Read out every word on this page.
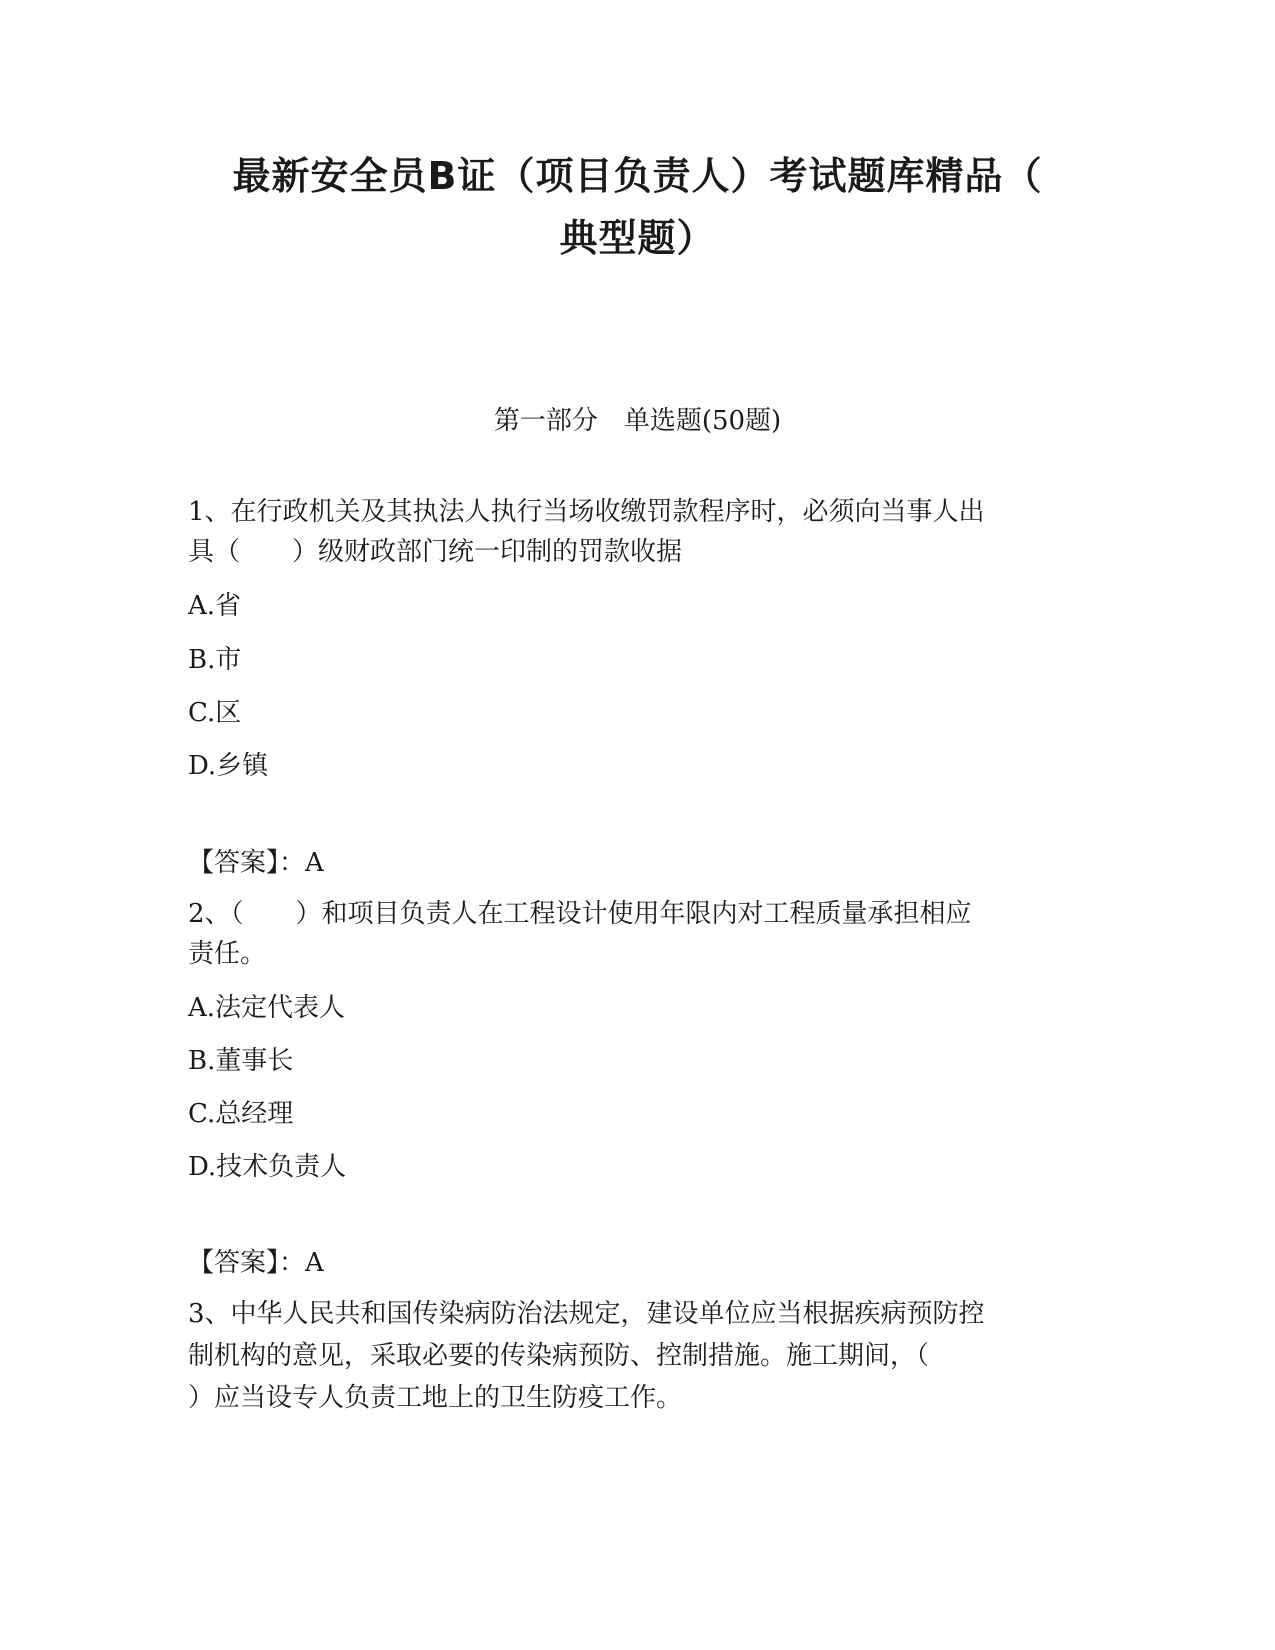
最新安全员B证（项目负责人）考试题库精品（
典型题）
第一部分　单选题(50题)
1、在行政机关及其执法人执行当场收缴罚款程序时，必须向当事人出
具（　　）级财政部门统一印制的罚款收据
A.省
B.市
C.区
D.乡镇
【答案】：A
2、（　　）和项目负责人在工程设计使用年限内对工程质量承担相应
责任。
A.法定代表人
B.董事长
C.总经理
D.技术负责人
【答案】：A
3、中华人民共和国传染病防治法规定，建设单位应当根据疾病预防控
制机构的意见，采取必要的传染病预防、控制措施。施工期间，（
）应当设专人负责工地上的卫生防疫工作。
